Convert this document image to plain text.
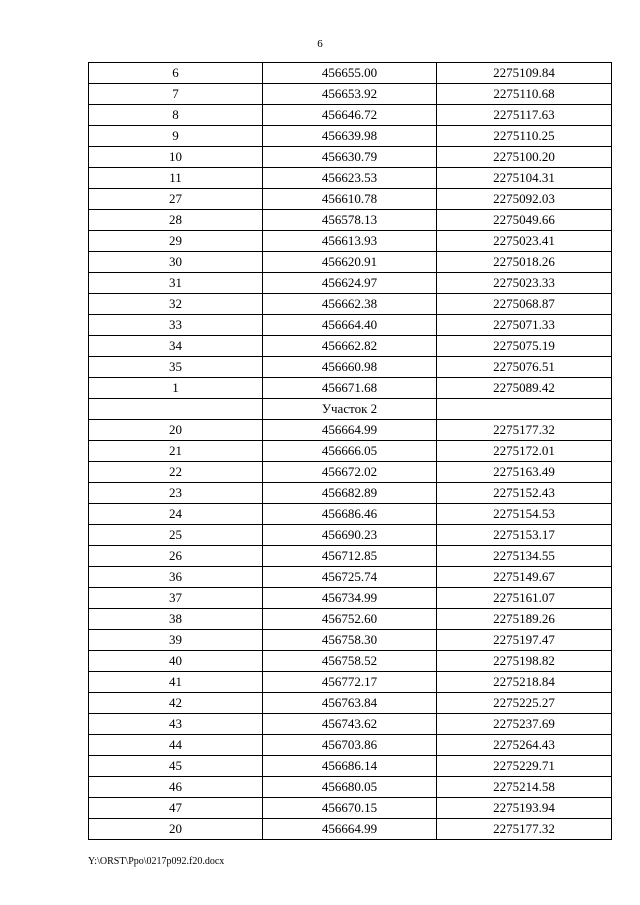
6
6	456655.00	2275109.84
7	456653.92	2275110.68
8	456646.72	2275117.63
9	456639.98	2275110.25
10	456630.79	2275100.20
11	456623.53	2275104.31
27	456610.78	2275092.03
28	456578.13	2275049.66
29	456613.93	2275023.41
30	456620.91	2275018.26
31	456624.97	2275023.33
32	456662.38	2275068.87
33	456664.40	2275071.33
34	456662.82	2275075.19
35	456660.98	2275076.51
1	456671.68	2275089.42
	Участок 2	
20	456664.99	2275177.32
21	456666.05	2275172.01
22	456672.02	2275163.49
23	456682.89	2275152.43
24	456686.46	2275154.53
25	456690.23	2275153.17
26	456712.85	2275134.55
36	456725.74	2275149.67
37	456734.99	2275161.07
38	456752.60	2275189.26
39	456758.30	2275197.47
40	456758.52	2275198.82
41	456772.17	2275218.84
42	456763.84	2275225.27
43	456743.62	2275237.69
44	456703.86	2275264.43
45	456686.14	2275229.71
46	456680.05	2275214.58
47	456670.15	2275193.94
20	456664.99	2275177.32
Y:\ORST\Ppo\0217p092.f20.docx
